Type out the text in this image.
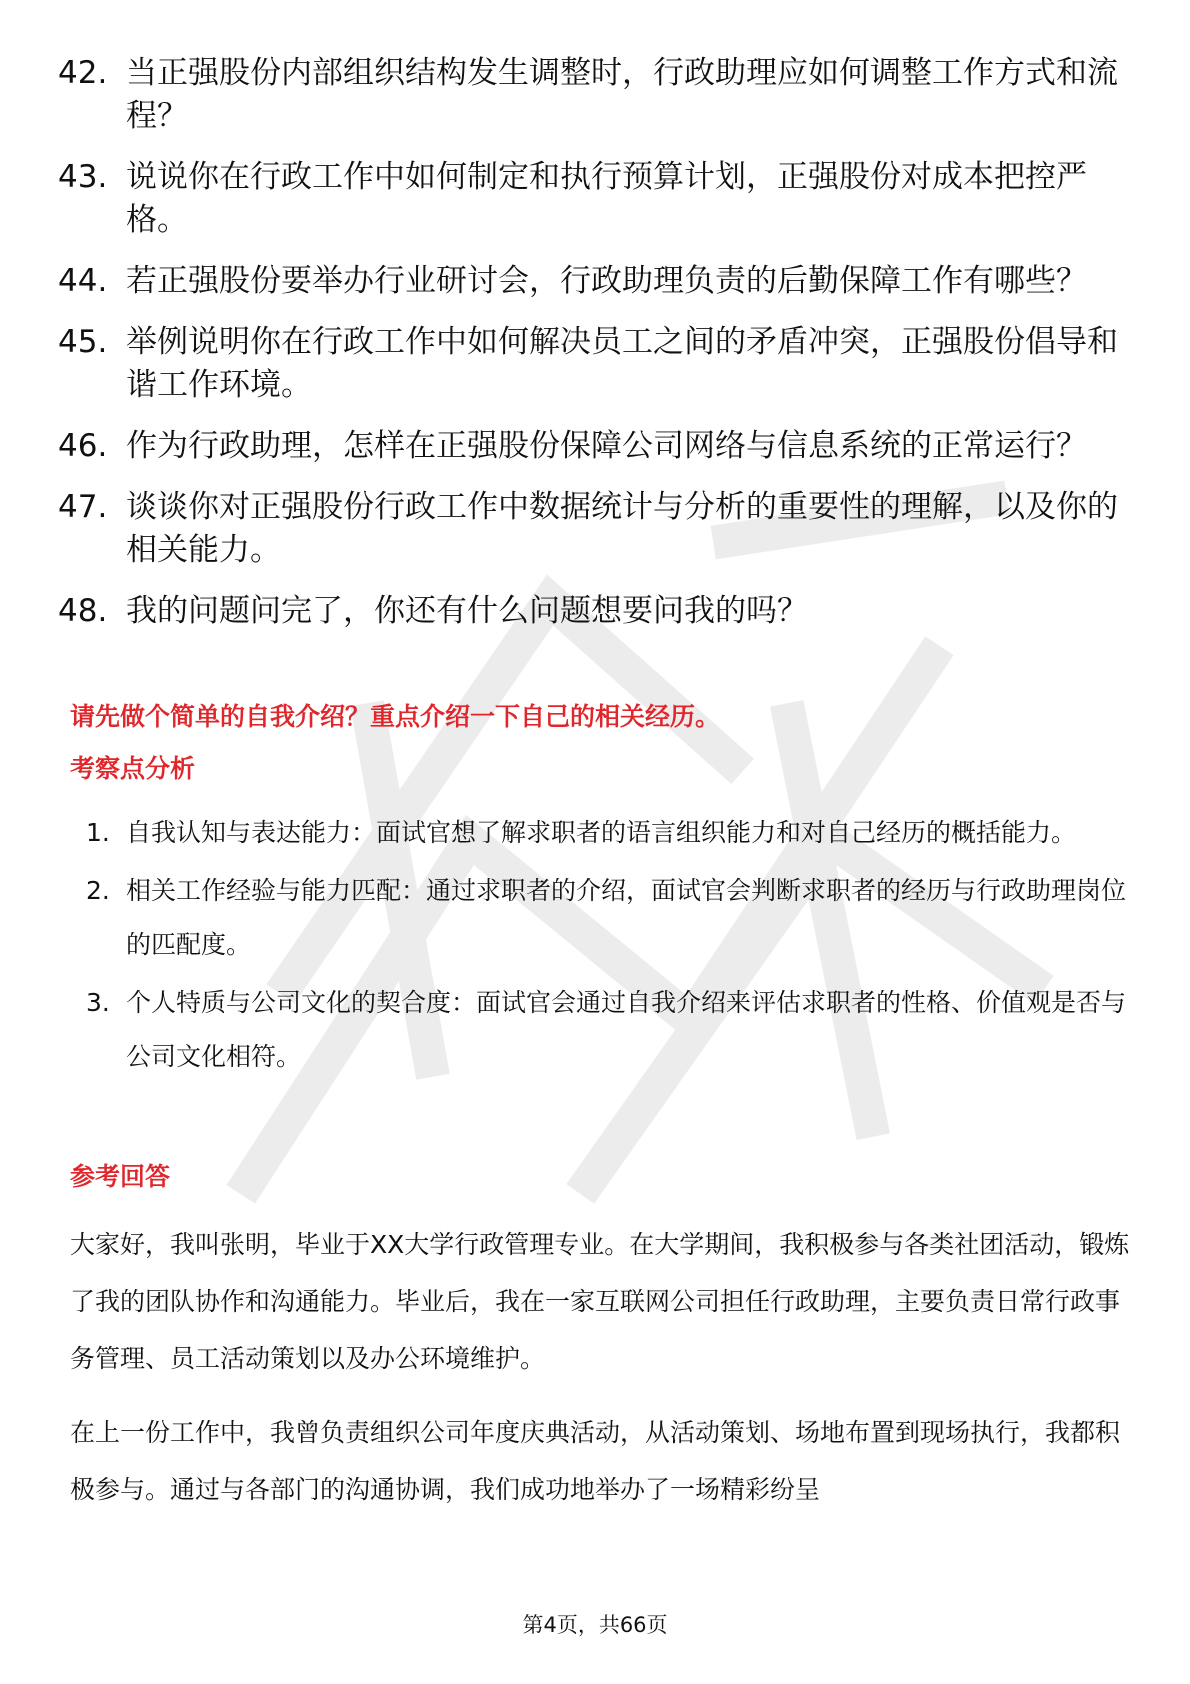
42. 当正强股份内部组织结构发生调整时，行政助理应如何调整工作方式和流程？
43. 说说你在行政工作中如何制定和执行预算计划，正强股份对成本把控严格。
44. 若正强股份要举办行业研讨会，行政助理负责的后勤保障工作有哪些？
45. 举例说明你在行政工作中如何解决员工之间的矛盾冲突，正强股份倡导和谐工作环境。
46. 作为行政助理，怎样在正强股份保障公司网络与信息系统的正常运行？
47. 谈谈你对正强股份行政工作中数据统计与分析的重要性的理解，以及你的相关能力。
48. 我的问题问完了，你还有什么问题想要问我的吗？
请先做个简单的自我介绍？重点介绍一下自己的相关经历。
考察点分析
1. 自我认知与表达能力：面试官想了解求职者的语言组织能力和对自己经历的概括能力。
2. 相关工作经验与能力匹配：通过求职者的介绍，面试官会判断求职者的经历与行政助理岗位的匹配度。
3. 个人特质与公司文化的契合度：面试官会通过自我介绍来评估求职者的性格、价值观是否与公司文化相符。
参考回答

大家好，我叫张明，毕业于XX大学行政管理专业。在大学期间，我积极参与各类社团活动，锻炼了我的团队协作和沟通能力。毕业后，我在一家互联网公司担任行政助理，主要负责日常行政事务管理、员工活动策划以及办公环境维护。

在上一份工作中，我曾负责组织公司年度庆典活动，从活动策划、场地布置到现场执行，我都积极参与。通过与各部门的沟通协调，我们成功地举办了一场精彩纷呈

第4页，共66页
